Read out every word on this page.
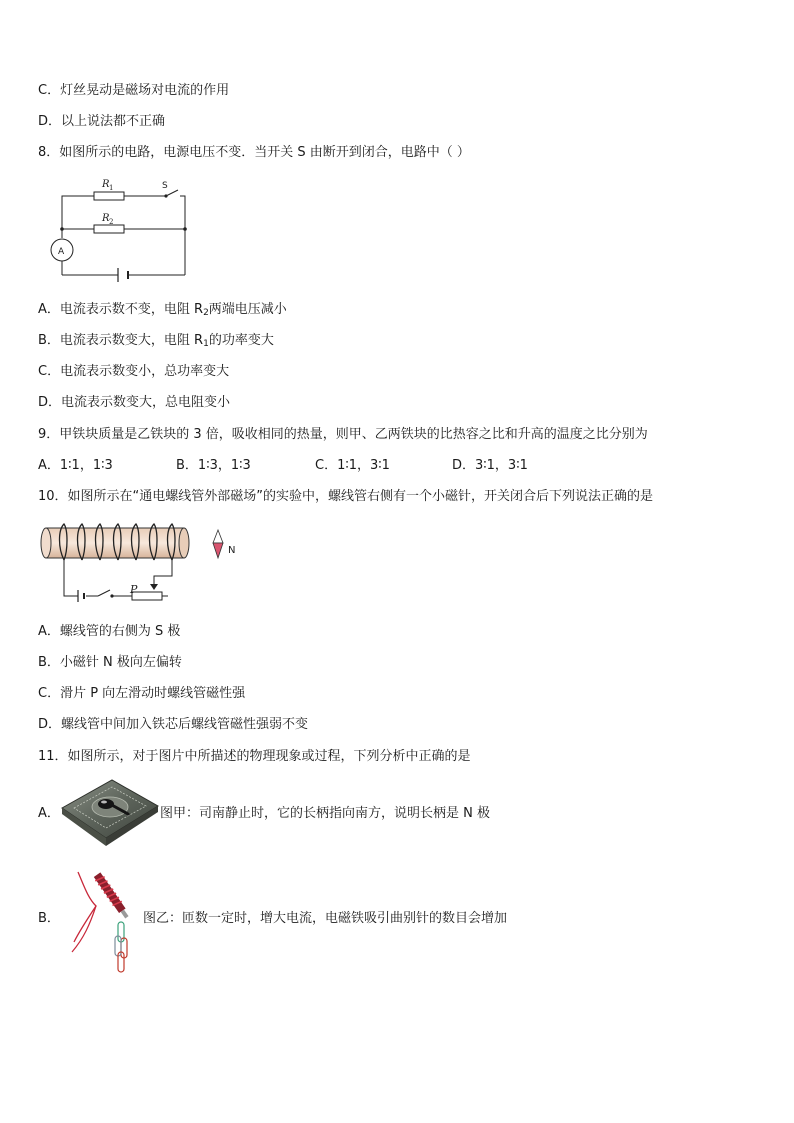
C．灯丝晃动是磁场对电流的作用
D．以上说法都不正确
8．如图所示的电路，电源电压不变．当开关 S 由断开到闭合，电路中（ ）
R 1
R 2
S
A
A．电流表示数不变，电阻 $R_2$两端电压减小
B．电流表示数变大，电阻 $R_1$的功率变大
C．电流表示数变小，总功率变大
D．电流表示数变大，总电阻变小
9．甲铁块质量是乙铁块的 3 倍，吸收相同的热量，则甲、乙两铁块的比热容之比和升高的温度之比分别为
A．1∶1，1∶3	B．1∶3，1∶3	C．1∶1，3∶1	D．3∶1，3∶1
10．如图所示在“通电螺线管外部磁场”的实验中，螺线管右侧有一个小磁针，开关闭合后下列说法正确的是
P
N
A．螺线管的右侧为 S 极
B．小磁针 N 极向左偏转
C．滑片 P 向左滑动时螺线管磁性强
D．螺线管中间加入铁芯后螺线管磁性强弱不变
11．如图所示，对于图片中所描述的物理现象或过程，下列分析中正确的是
A．	图甲：司南静止时，它的长柄指向南方，说明长柄是 N 极
B．	图乙：匝数一定时，增大电流，电磁铁吸引曲别针的数目会增加
